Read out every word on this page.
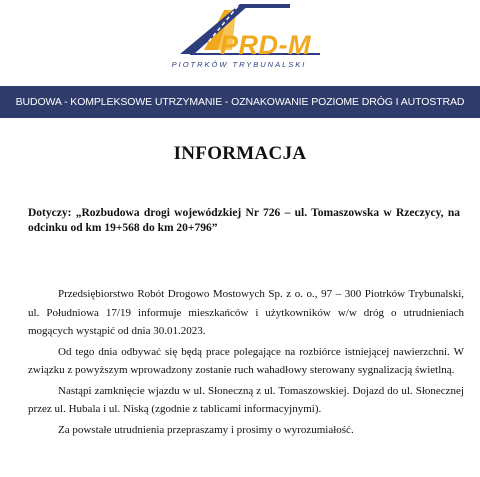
PRD-M
PIOTRKÓW TRYBUNALSKI
BUDOWA - KOMPLEKSOWE UTRZYMANIE - OZNAKOWANIE POZIOME DRÓG I AUTOSTRAD
INFORMACJA
Dotyczy: „Rozbudowa drogi wojewódzkiej Nr 726 – ul. Tomaszowska w Rzeczycy, na odcinku od km 19+568 do km 20+796”

Przedsiębiorstwo Robót Drogowo Mostowych Sp. z o. o., 97 – 300 Piotrków Trybunalski, ul. Południowa 17/19 informuje mieszkańców i użytkowników w/w dróg o utrudnieniach mogących wystąpić od dnia 30.01.2023.

Od tego dnia odbywać się będą prace polegające na rozbiórce istniejącej nawierzchni. W związku z powyższym wprowadzony zostanie ruch wahadłowy sterowany sygnalizacją świetlną.

Nastąpi zamknięcie wjazdu w ul. Słoneczną z ul. Tomaszowskiej. Dojazd do ul. Słonecznej przez ul. Hubala i ul. Niską (zgodnie z tablicami informacyjnymi).

Za powstałe utrudnienia przepraszamy i prosimy o wyrozumiałość.
